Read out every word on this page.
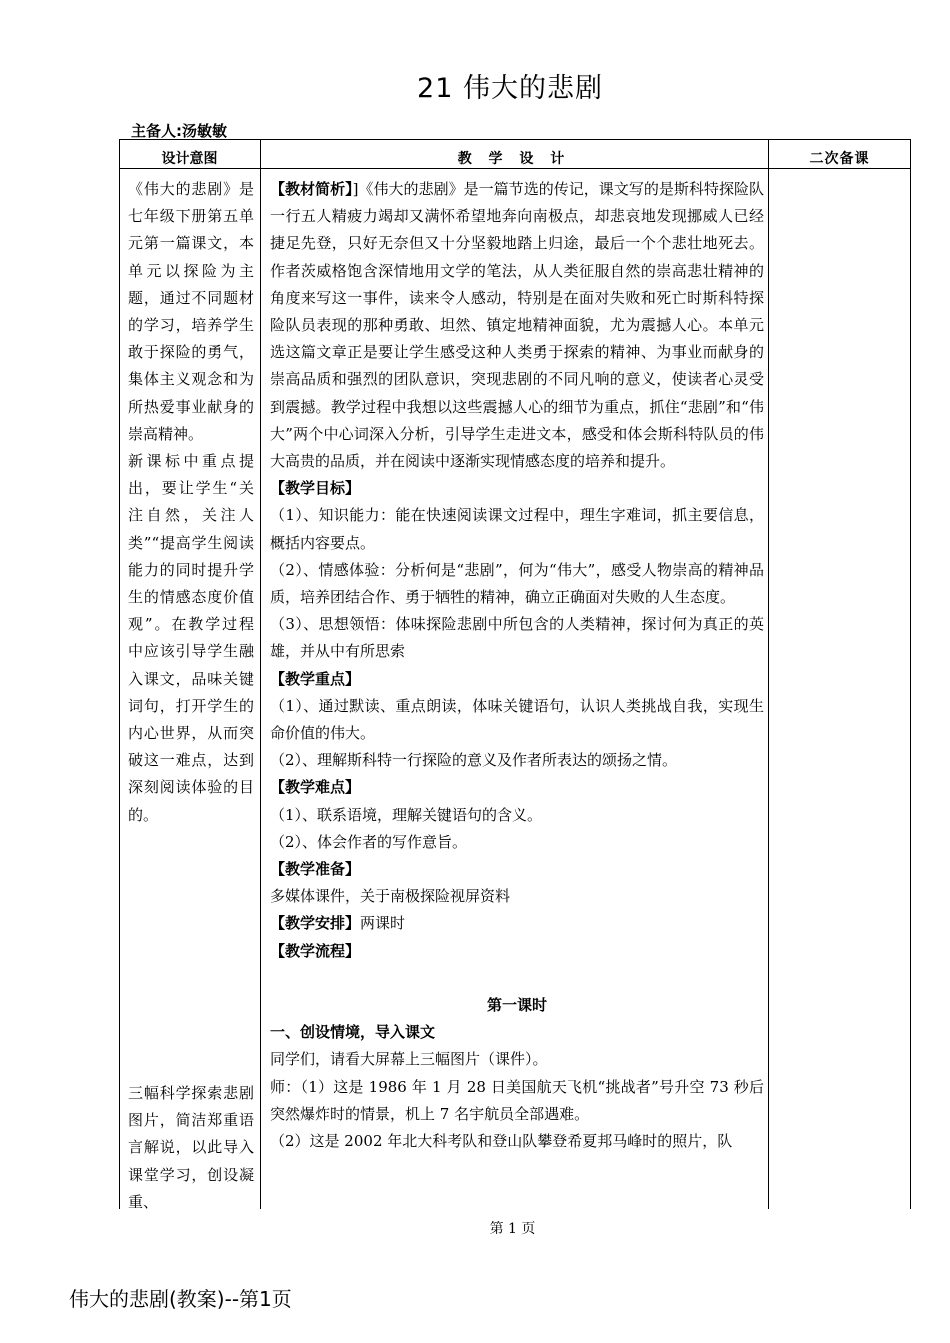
21 伟大的悲剧
主备人:汤敏敏
设计意图	教 学 设 计	二次备课

《伟大的悲剧》是七年级下册第五单元第一篇课文，本单元以探险为主题，通过不同题材的学习，培养学生敢于探险的勇气，集体主义观念和为所热爱事业献身的崇高精神。

新课标中重点提出，要让学生“关注自然，关注人类”“提高学生阅读能力的同时提升学生的情感态度价值观”。在教学过程中应该引导学生融入课文，品味关键词句，打开学生的内心世界，从而突破这一难点，达到深刻阅读体验的目的。

三幅科学探索悲剧图片，简洁郑重语言解说，以此导入课堂学习，创设凝重、

【教材简析】]《伟大的悲剧》是一篇节选的传记，课文写的是斯科特探险队一行五人精疲力竭却又满怀希望地奔向南极点，却悲哀地发现挪威人已经捷足先登，只好无奈但又十分坚毅地踏上归途，最后一个个悲壮地死去。作者茨威格饱含深情地用文学的笔法，从人类征服自然的崇高悲壮精神的角度来写这一事件，读来令人感动，特别是在面对失败和死亡时斯科特探险队员表现的那种勇敢、坦然、镇定地精神面貌，尤为震撼人心。本单元选这篇文章正是要让学生感受这种人类勇于探索的精神、为事业而献身的崇高品质和强烈的团队意识，突现悲剧的不同凡响的意义，使读者心灵受到震撼。教学过程中我想以这些震撼人心的细节为重点，抓住“悲剧”和“伟大”两个中心词深入分析，引导学生走进文本，感受和体会斯科特队员的伟大高贵的品质，并在阅读中逐渐实现情感态度的培养和提升。

【教学目标】

（1）、知识能力：能在快速阅读课文过程中，理生字难词，抓主要信息，概括内容要点。

（2）、情感体验：分析何是“悲剧”，何为“伟大”，感受人物崇高的精神品质，培养团结合作、勇于牺牲的精神，确立正确面对失败的人生态度。

（3）、思想领悟：体味探险悲剧中所包含的人类精神，探讨何为真正的英雄，并从中有所思索

【教学重点】

（1）、通过默读、重点朗读，体味关键语句，认识人类挑战自我，实现生命价值的伟大。

（2）、理解斯科特一行探险的意义及作者所表达的颂扬之情。

【教学难点】

（1）、联系语境，理解关键语句的含义。

（2）、体会作者的写作意旨。

【教学准备】

多媒体课件，关于南极探险视屏资料

【教学安排】两课时

【教学流程】

第一课时

一、创设情境，导入课文

同学们，请看大屏幕上三幅图片（课件）。

师：（1）这是 1986 年 1 月 28 日美国航天飞机“挑战者”号升空 73 秒后突然爆炸时的情景，机上 7 名宇航员全部遇难。

（2）这是 2002 年北大科考队和登山队攀登希夏邦马峰时的照片，队

第 1 页
伟大的悲剧(教案)--第1页
